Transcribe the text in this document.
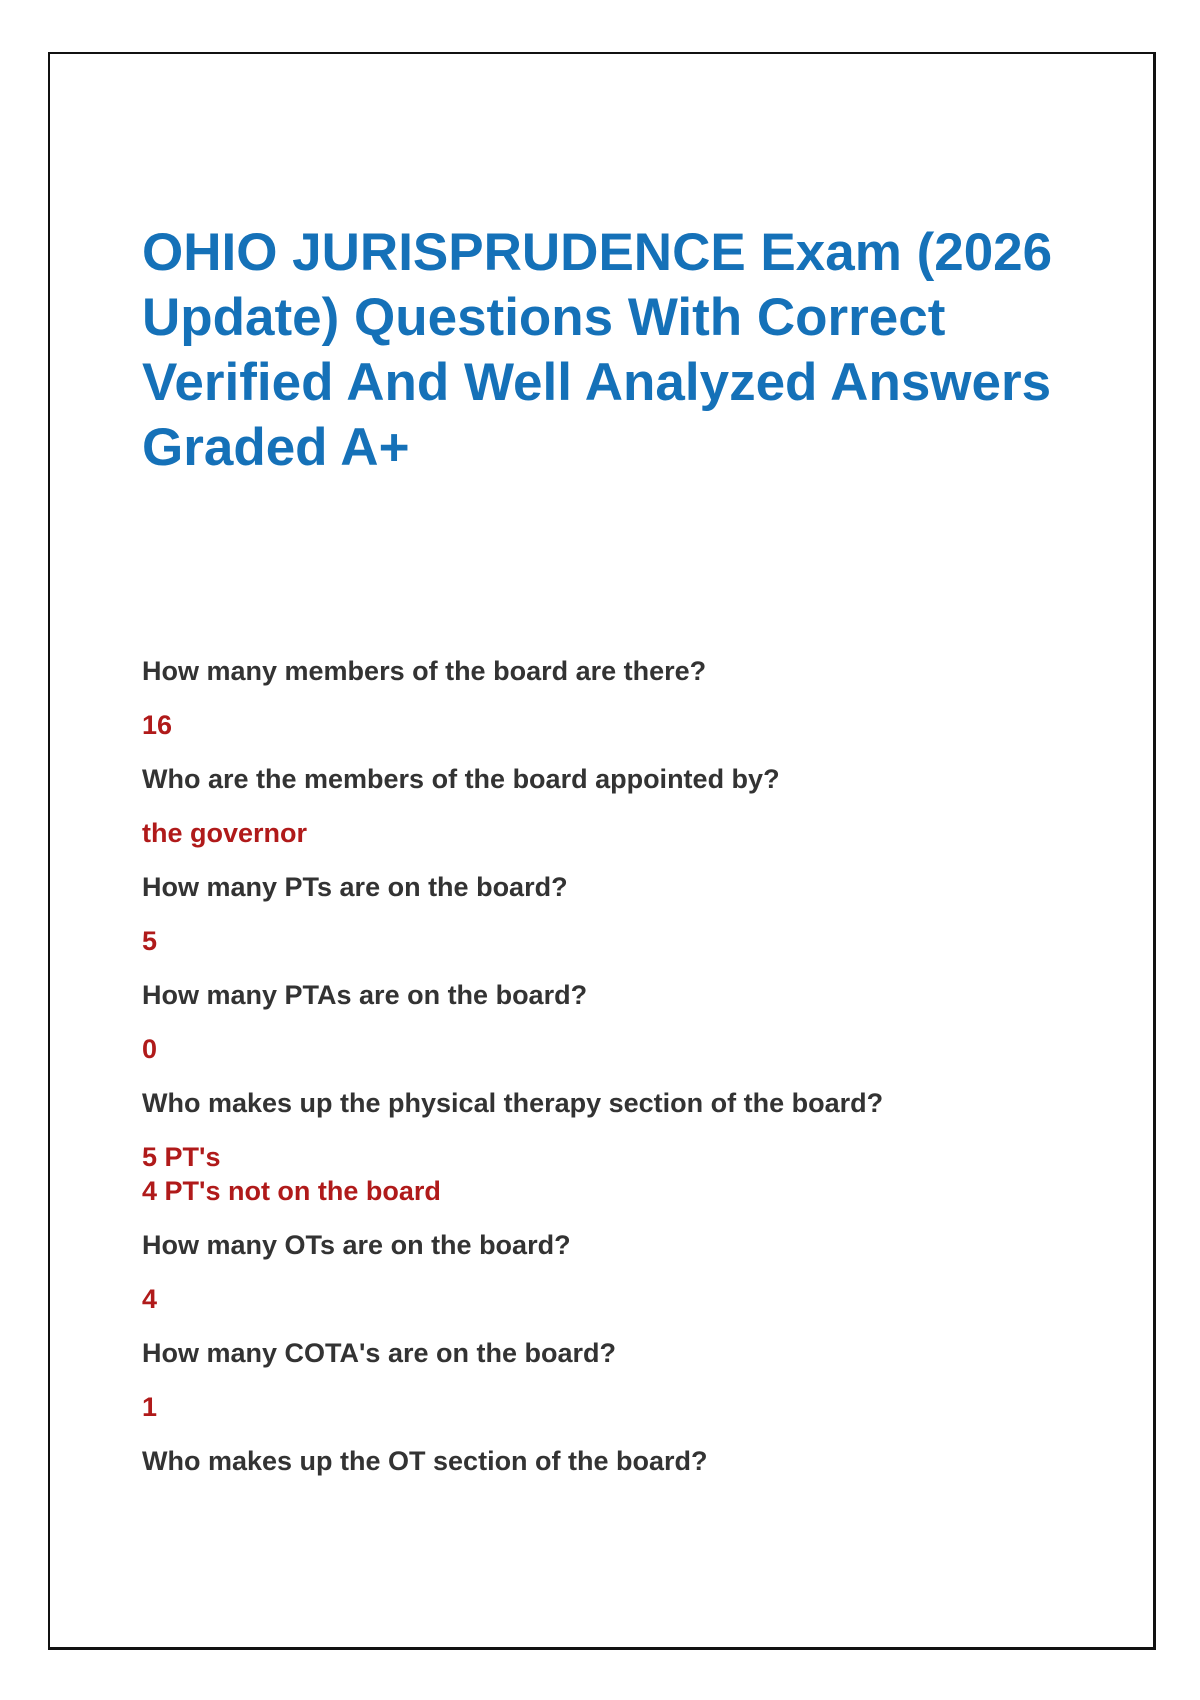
OHIO JURISPRUDENCE Exam (2026 Update) Questions With Correct Verified And Well Analyzed Answers Graded A+
How many members of the board are there?
16
Who are the members of the board appointed by?
the governor
How many PTs are on the board?
5
How many PTAs are on the board?
0
Who makes up the physical therapy section of the board?
5 PT's
4 PT's not on the board
How many OTs are on the board?
4
How many COTA's are on the board?
1
Who makes up the OT section of the board?
